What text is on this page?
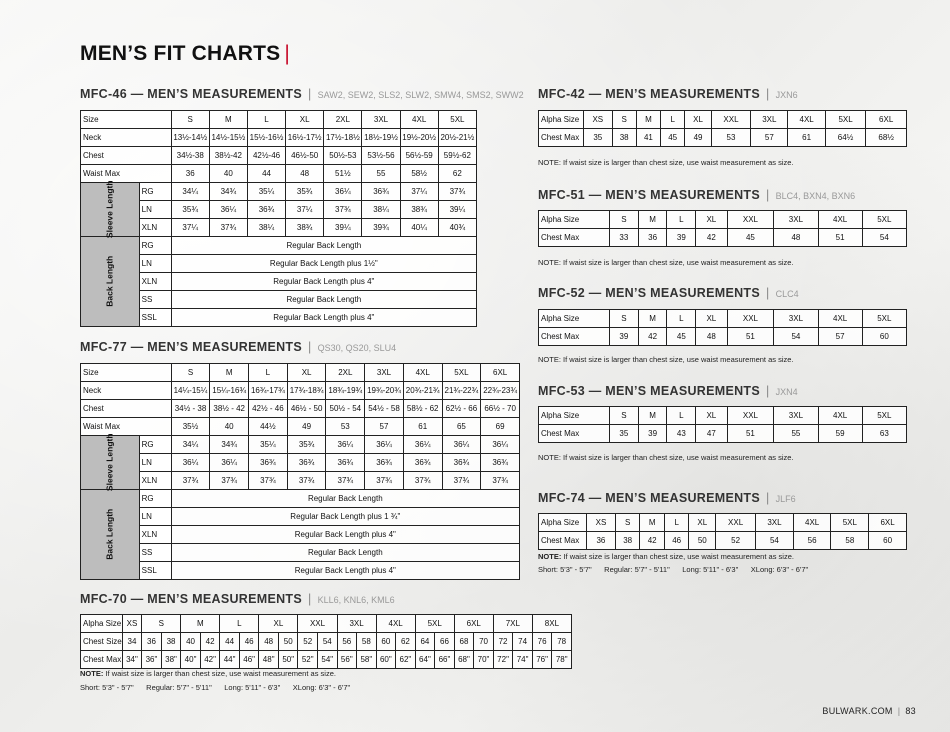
MEN’S FIT CHARTS |
MFC-46 — MEN’S MEASUREMENTS | SAW2, SEW2, SLS2, SLW2, SMW4, SMS2, SWW2
Size		S	M	L	XL	2XL	3XL	4XL	5XL
Neck		13½-14½	14½-15½	15½-16½	16½-17½	17½-18½	18½-19½	19½-20½	20½-21½
Chest		34½-38	38½-42	42½-46	46½-50	50½-53	53½-56	56½-59	59½-62
Waist Max		36	40	44	48	51½	55	58½	62
Sleeve Length	RG	34¼	34¾	35¼	35¾	36¼	36¾	37¼	37¾
	LN	35¾	36¼	36¾	37¼	37¾	38¼	38¾	39¼
	XLN	37¼	37¾	38¼	38¾	39¼	39¾	40¼	40¾
Back Length	RG	Regular Back Length							
	LN	Regular Back Length plus 1½"							
	XLN	Regular Back Length plus 4"							
	SS	Regular Back Length							
	SSL	Regular Back Length plus 4"							
MFC-77 — MEN’S MEASUREMENTS | QS30, QS20, SLU4
Size		S	M	L	XL	2XL	3XL	4XL	5XL	6XL
Neck		14¼-15¼	15¼-16¾	16¾-17¾	17¾-18¾	18¾-19¾	19¾-20¾	20¾-21¾	21¾-22¾	22¾-23¾
Chest		34½ - 38	38½ - 42	42½ - 46	46½ - 50	50½ - 54	54½ - 58	58½ - 62	62½ - 66	66½ - 70
Waist Max		35½	40	44½	49	53	57	61	65	69
Sleeve Length	RG	34¼	34¾	35¼	35¾	36¼	36¼	36¼	36¼	36¼
	LN	36¼	36¼	36¾	36¾	36¾	36¾	36¾	36¾	36¾
	XLN	37¾	37¾	37¾	37¾	37¾	37¾	37¾	37¾	37¾
Back Length	RG	Regular Back Length								
	LN	Regular Back Length plus 1 ¾"								
	XLN	Regular Back Length plus 4"								
	SS	Regular Back Length								
	SSL	Regular Back Length plus 4"								
MFC-70 — MEN’S MEASUREMENTS | KLL6, KNL6, KML6
Alpha Size	XS	S		M		L		XL		XXL		3XL		4XL		5XL		6XL		7XL		8XL	
Chest Size	34	36	38	40	42	44	46	48	50	52	54	56	58	60	62	64	66	68	70	72	74	76	78
Chest Max	34"	36"	38"	40"	42"	44"	46"	48"	50"	52"	54"	56"	58"	60"	62"	64"	66"	68"	70"	72"	74"	76"	78"
NOTE: If waist size is larger than chest size, use waist measurement as size.
Short: 5'3" - 5'7" Regular: 5'7" - 5'11" Long: 5'11" - 6'3" XLong: 6'3" - 6'7"
MFC-42 — MEN’S MEASUREMENTS | JXN6
Alpha Size	XS	S	M	L	XL	XXL	3XL	4XL	5XL	6XL
Chest Max	35	38	41	45	49	53	57	61	64½	68½
NOTE: If waist size is larger than chest size, use waist measurement as size.
MFC-51 — MEN’S MEASUREMENTS | BLC4, BXN4, BXN6
Alpha Size	S	M	L	XL	XXL	3XL	4XL	5XL
Chest Max	33	36	39	42	45	48	51	54
NOTE: If waist size is larger than chest size, use waist measurement as size.
MFC-52 — MEN’S MEASUREMENTS | CLC4
Alpha Size	S	M	L	XL	XXL	3XL	4XL	5XL
Chest Max	39	42	45	48	51	54	57	60
NOTE: If waist size is larger than chest size, use waist measurement as size.
MFC-53 — MEN’S MEASUREMENTS | JXN4
Alpha Size	S	M	L	XL	XXL	3XL	4XL	5XL
Chest Max	35	39	43	47	51	55	59	63
NOTE: If waist size is larger than chest size, use waist measurement as size.
MFC-74 — MEN’S MEASUREMENTS | JLF6
Alpha Size	XS	S	M	L	XL	XXL	3XL	4XL	5XL	6XL
Chest Max	36	38	42	46	50	52	54	56	58	60
NOTE: If waist size is larger than chest size, use waist measurement as size.
Short: 5'3" - 5'7" Regular: 5'7" - 5'11" Long: 5'11" - 6'3" XLong: 6'3" - 6'7"
BULWARK.COM | 83
